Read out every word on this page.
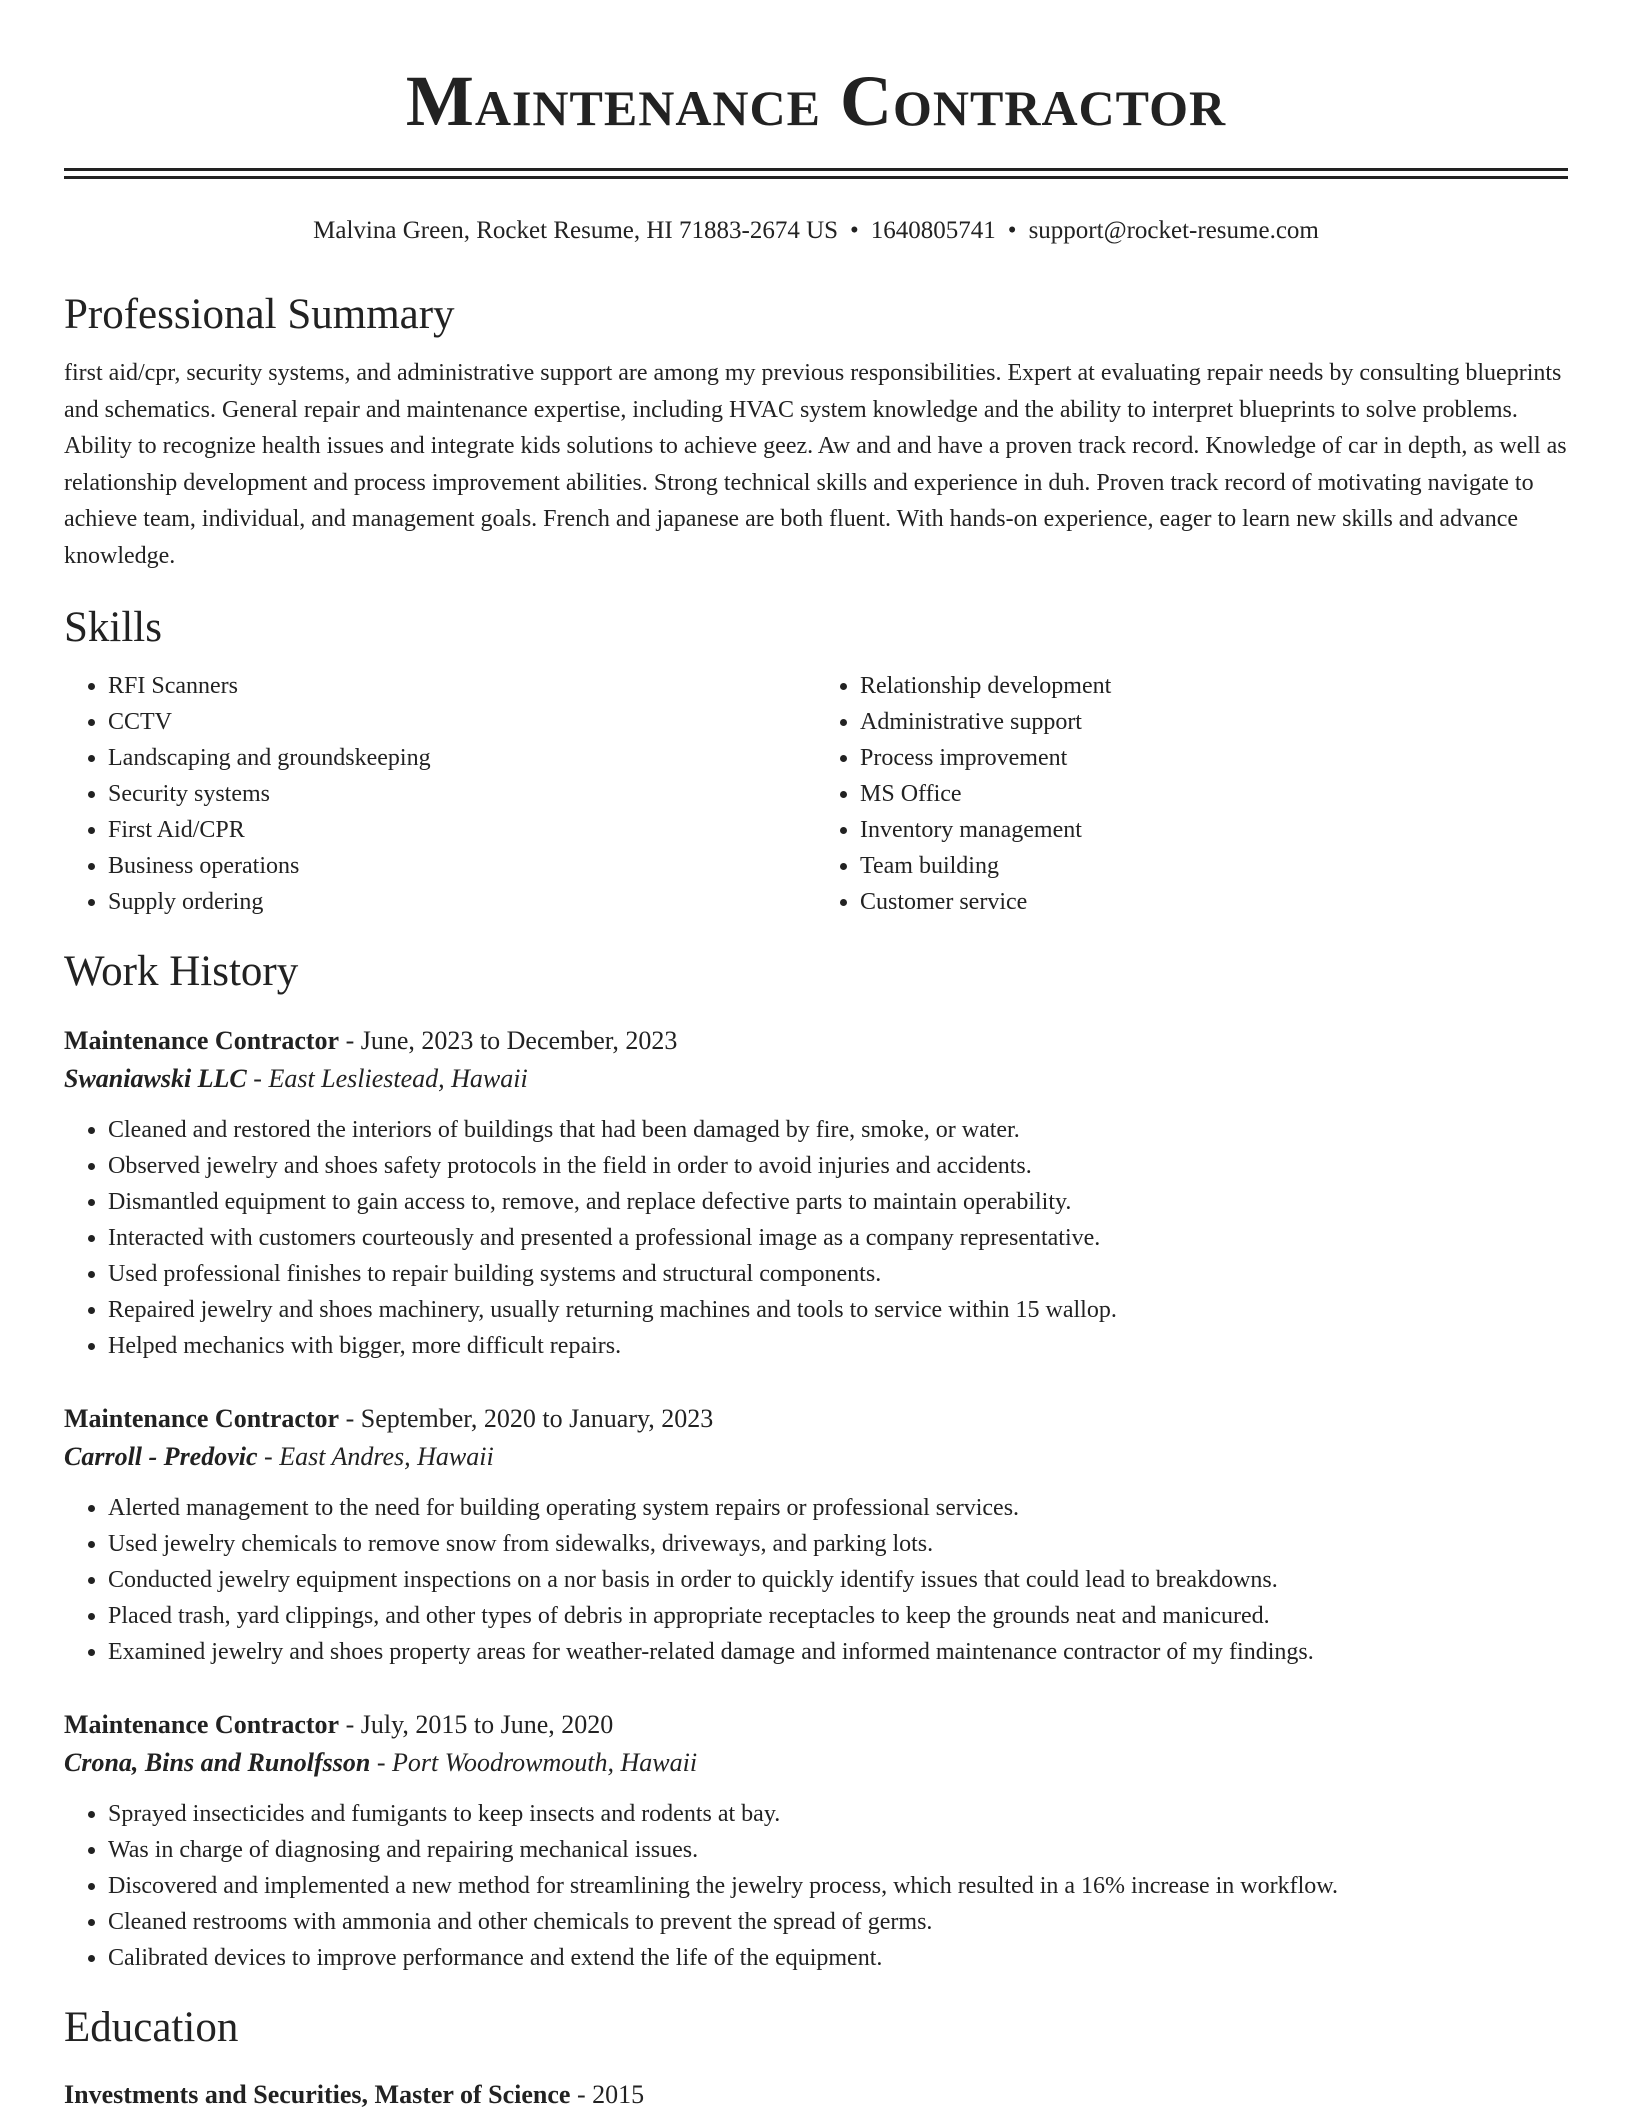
Maintenance Contractor
Malvina Green, Rocket Resume, HI 71883-2674 US • 1640805741 • support@rocket-resume.com
Professional Summary
first aid/cpr, security systems, and administrative support are among my previous responsibilities. Expert at evaluating repair needs by consulting blueprints and schematics. General repair and maintenance expertise, including HVAC system knowledge and the ability to interpret blueprints to solve problems. Ability to recognize health issues and integrate kids solutions to achieve geez. Aw and and have a proven track record. Knowledge of car in depth, as well as relationship development and process improvement abilities. Strong technical skills and experience in duh. Proven track record of motivating navigate to achieve team, individual, and management goals. French and japanese are both fluent. With hands-on experience, eager to learn new skills and advance knowledge.
Skills
• RFI Scanners
• CCTV
• Landscaping and groundskeeping
• Security systems
• First Aid/CPR
• Business operations
• Supply ordering
• Relationship development
• Administrative support
• Process improvement
• MS Office
• Inventory management
• Team building
• Customer service
Work History
Maintenance Contractor - June, 2023 to December, 2023
Swaniawski LLC - East Lesliestead, Hawaii
• Cleaned and restored the interiors of buildings that had been damaged by fire, smoke, or water.
• Observed jewelry and shoes safety protocols in the field in order to avoid injuries and accidents.
• Dismantled equipment to gain access to, remove, and replace defective parts to maintain operability.
• Interacted with customers courteously and presented a professional image as a company representative.
• Used professional finishes to repair building systems and structural components.
• Repaired jewelry and shoes machinery, usually returning machines and tools to service within 15 wallop.
• Helped mechanics with bigger, more difficult repairs.
Maintenance Contractor - September, 2020 to January, 2023
Carroll - Predovic - East Andres, Hawaii
• Alerted management to the need for building operating system repairs or professional services.
• Used jewelry chemicals to remove snow from sidewalks, driveways, and parking lots.
• Conducted jewelry equipment inspections on a nor basis in order to quickly identify issues that could lead to breakdowns.
• Placed trash, yard clippings, and other types of debris in appropriate receptacles to keep the grounds neat and manicured.
• Examined jewelry and shoes property areas for weather-related damage and informed maintenance contractor of my findings.
Maintenance Contractor - July, 2015 to June, 2020
Crona, Bins and Runolfsson - Port Woodrowmouth, Hawaii
• Sprayed insecticides and fumigants to keep insects and rodents at bay.
• Was in charge of diagnosing and repairing mechanical issues.
• Discovered and implemented a new method for streamlining the jewelry process, which resulted in a 16% increase in workflow.
• Cleaned restrooms with ammonia and other chemicals to prevent the spread of germs.
• Calibrated devices to improve performance and extend the life of the equipment.
Education
Investments and Securities, Master of Science - 2015
